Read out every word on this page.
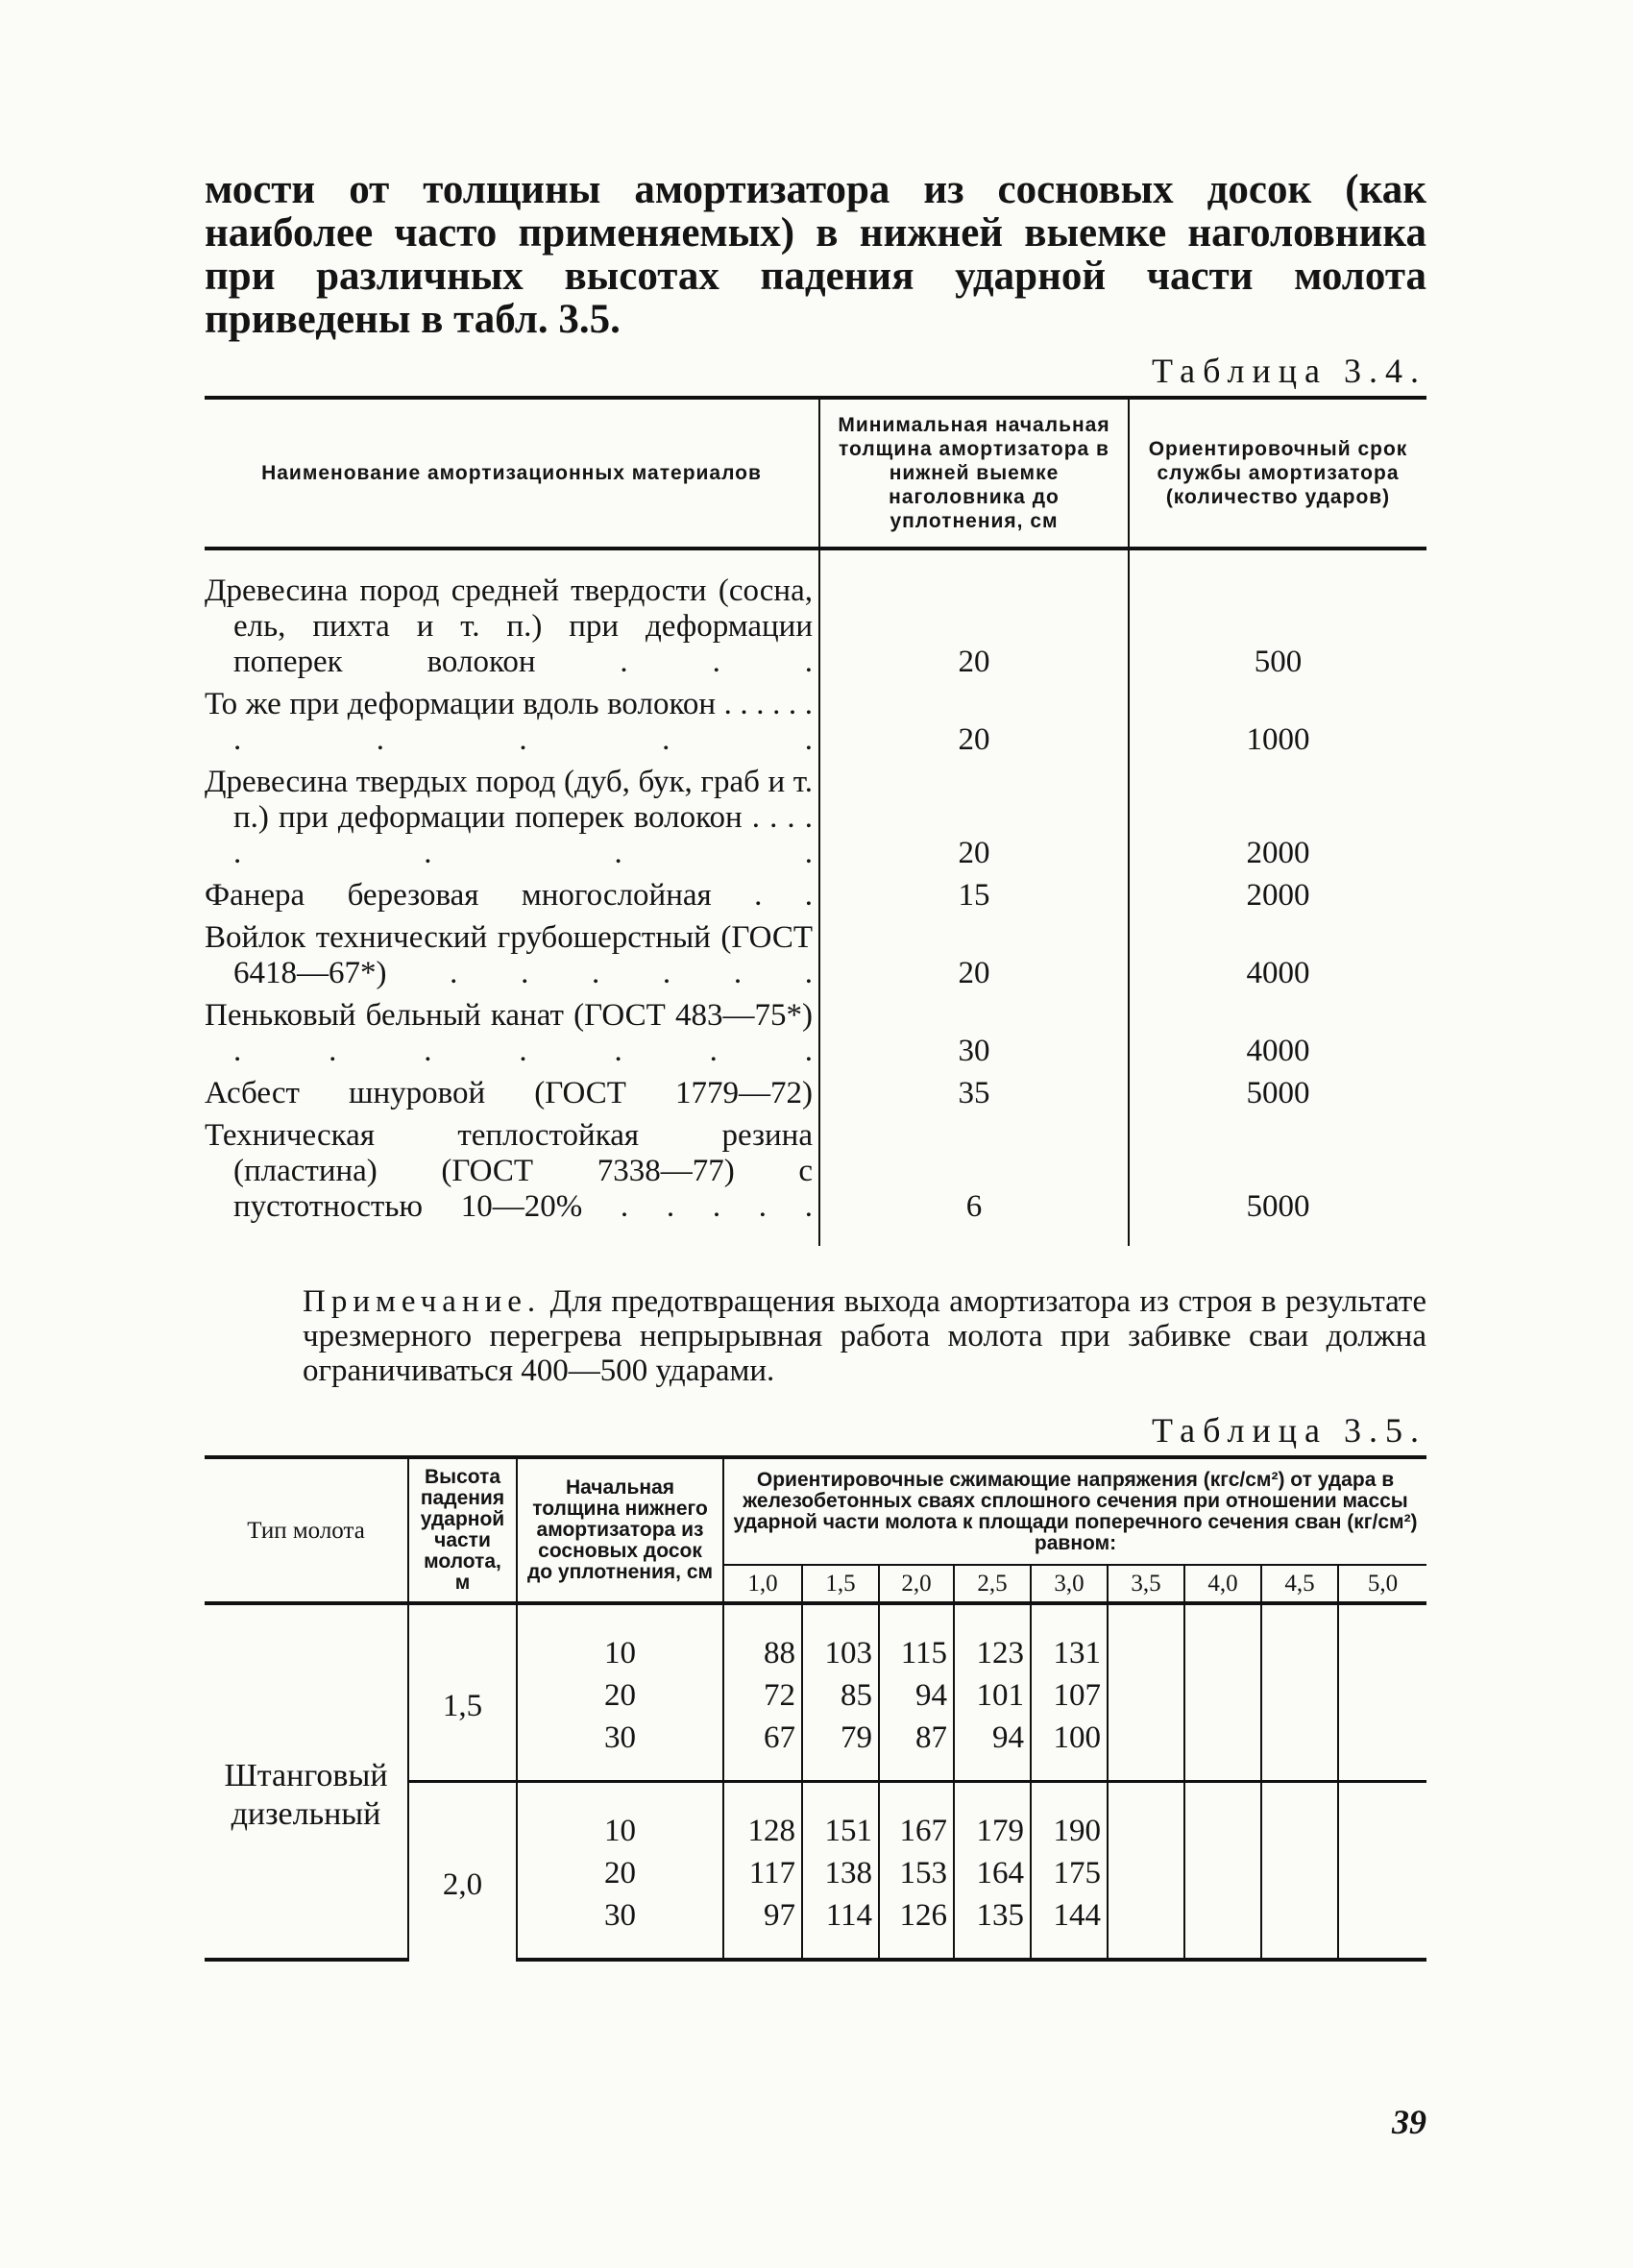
мости от толщины амортизатора из сосновых досок (как наиболее часто применяемых) в нижней выемке наголовника при различных высотах падения ударной части молота приведены в табл. 3.5.

Таблица 3.4.
Наименование амортизационных материалов	Минимальная начальная толщина амортизатора в нижней выемке наголовника до уплотнения, см	Ориентировочный срок службы амортизатора (количество ударов)

Древесина пород средней твердости (сосна, ель, пихта и т. п.) при деформации поперек волокон . . .	20	500

То же при деформации вдоль волокон . . . . . . . . . . .	20	1000

Древесина твердых пород (дуб, бук, граб и т. п.) при деформации поперек волокон . . . . . . . .	20	2000

Фанера березовая многослойная . .	15	2000

Войлок технический грубошерстный (ГОСТ 6418—67*) . . . . . .	20	4000

Пеньковый бельный канат (ГОСТ 483—75*) . . . . . . .	30	4000

Асбест шнуровой (ГОСТ 1779—72)	35	5000

Техническая теплостойкая резина (пластина) (ГОСТ 7338—77) с пустотностью 10—20% . . . . .	6	5000

Примечание. Для предотвращения выхода амортизатора из строя в результате чрезмерного перегрева непрырывная работа молота при забивке сваи должна ограничиваться 400—500 ударами.

Таблица 3.5.
Тип молота	Высота падения ударной части молота, м	Начальная толщина нижнего амортизатора из сосновых досок до уплотнения, см	Ориентировочные сжимающие напряжения (кгс/см²) от удара в железобетонных сваях сплошного сечения при отношении массы ударной части молота к площади поперечного сечения сван (кг/см²) равном:								
			1,0	1,5	2,0	2,5	3,0	3,5	4,0	4,5	5,0
Штанговый дизельный	1,5	10	88	103	115	123	131				
		20	72	85	94	101	107				
		30	67	79	87	94	100				
	2,0	10	128	151	167	179	190				
		20	117	138	153	164	175				
		30	97	114	126	135	144				
39
